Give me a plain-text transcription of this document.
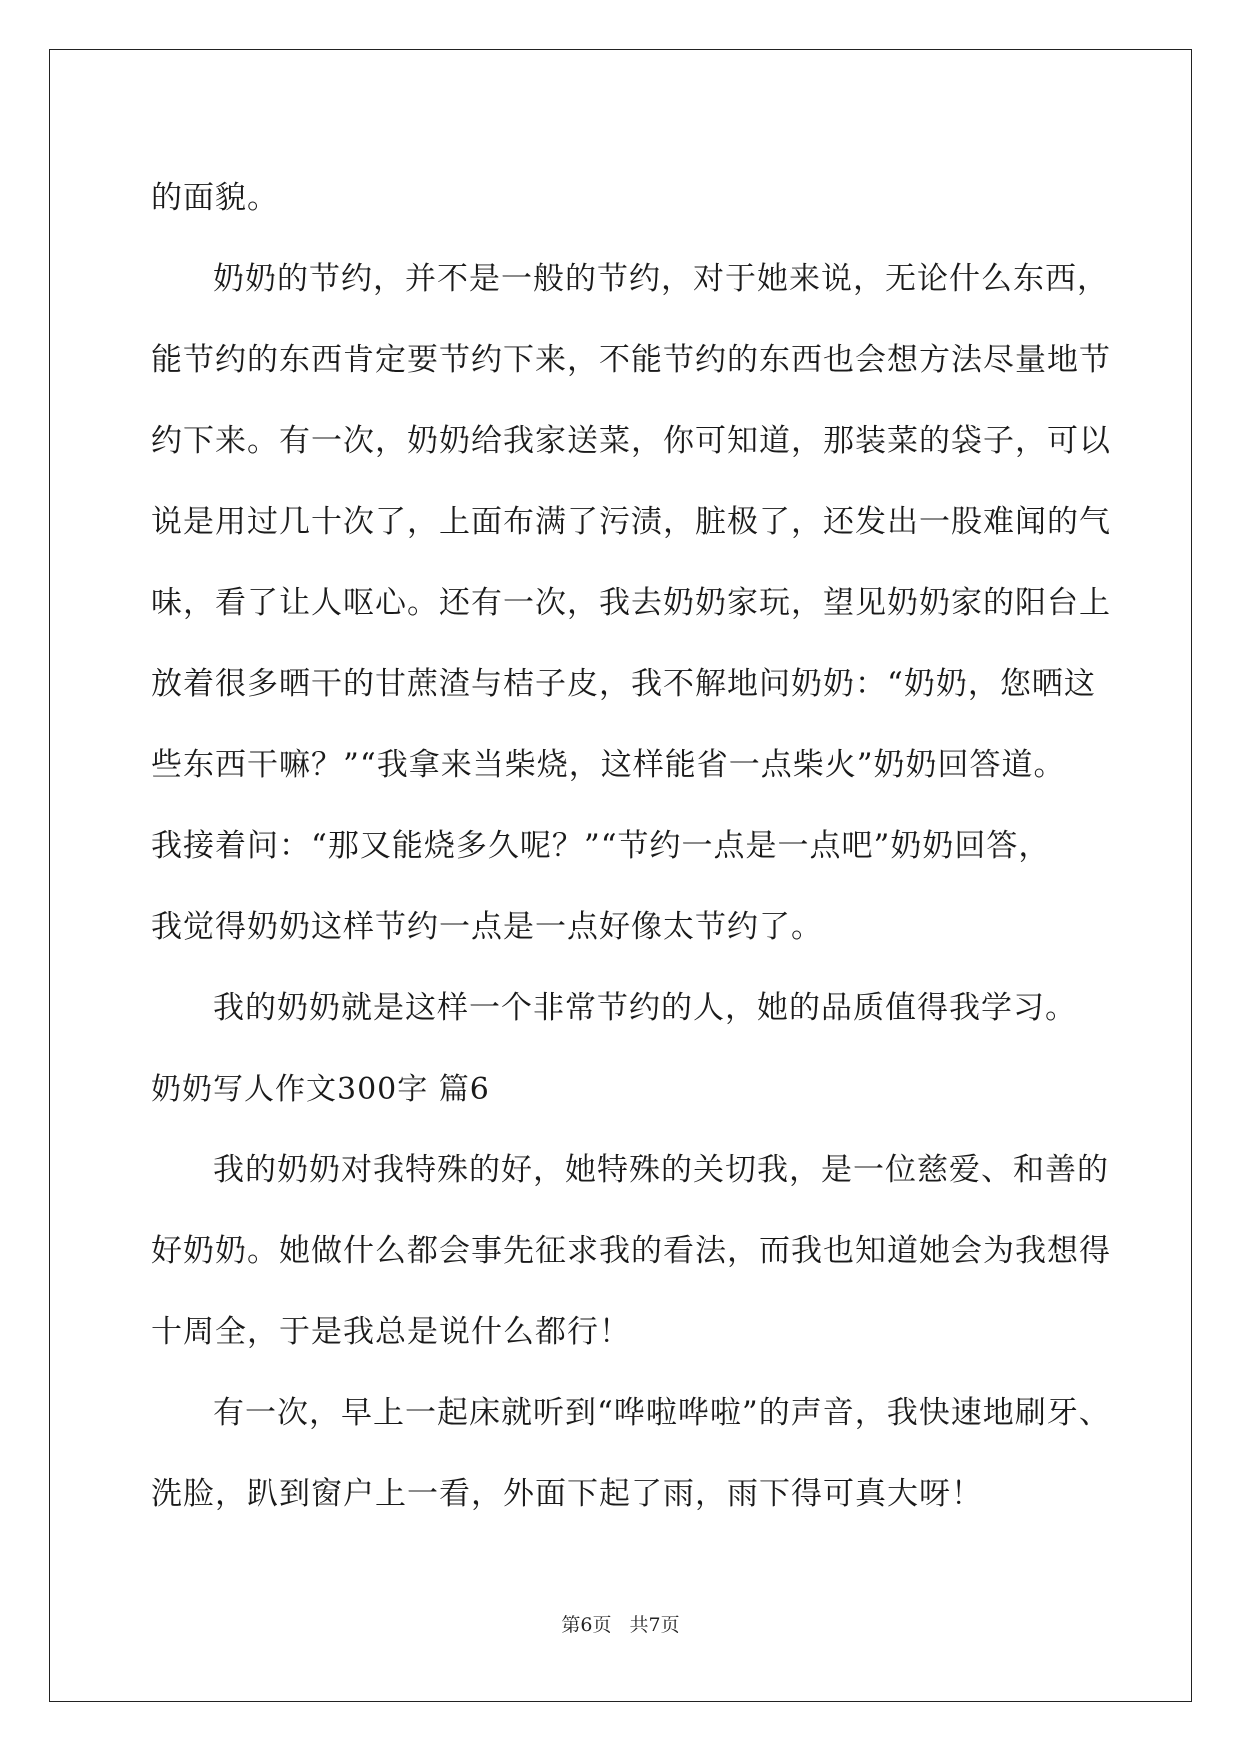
的面貌。
奶奶的节约，并不是一般的节约，对于她来说，无论什么东西，
能节约的东西肯定要节约下来，不能节约的东西也会想方法尽量地节
约下来。有一次，奶奶给我家送菜，你可知道，那装菜的袋子，可以
说是用过几十次了，上面布满了污渍，脏极了，还发出一股难闻的气
味，看了让人呕心。还有一次，我去奶奶家玩，望见奶奶家的阳台上
放着很多晒干的甘蔗渣与桔子皮，我不解地问奶奶：“奶奶，您晒这
些东西干嘛？”“我拿来当柴烧，这样能省一点柴火”奶奶回答道。
我接着问：“那又能烧多久呢？”“节约一点是一点吧”奶奶回答，
我觉得奶奶这样节约一点是一点好像太节约了。
我的奶奶就是这样一个非常节约的人，她的品质值得我学习。
奶奶写人作文300字 篇6
我的奶奶对我特殊的好，她特殊的关切我，是一位慈爱、和善的
好奶奶。她做什么都会事先征求我的看法，而我也知道她会为我想得
十周全，于是我总是说什么都行！
有一次，早上一起床就听到“哗啦哗啦”的声音，我快速地刷牙、
洗脸，趴到窗户上一看，外面下起了雨，雨下得可真大呀！
第6页 共7页
